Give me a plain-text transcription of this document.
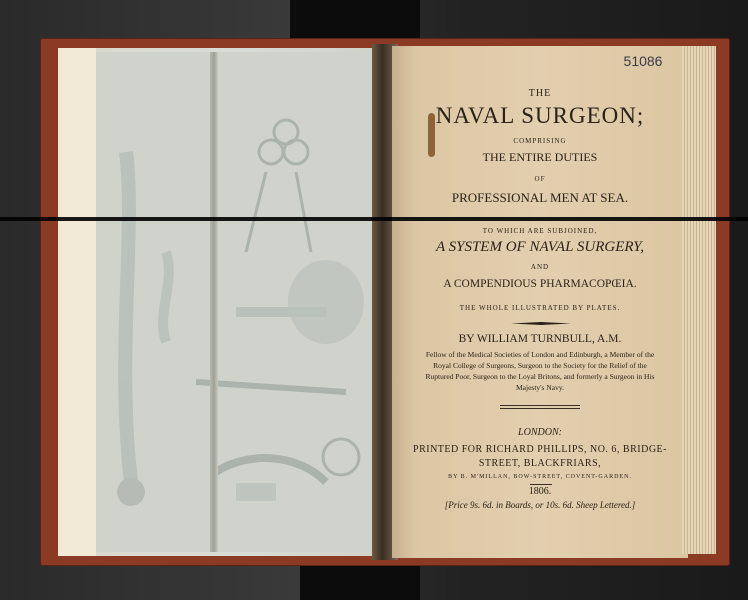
51086
THE
NAVAL SURGEON;
COMPRISING
THE ENTIRE DUTIES
OF
PROFESSIONAL MEN AT SEA.
TO WHICH ARE SUBJOINED,
A SYSTEM OF NAVAL SURGERY,
AND
A COMPENDIOUS PHARMACOPŒIA.
THE WHOLE ILLUSTRATED BY PLATES.
BY WILLIAM TURNBULL, A.M.
Fellow of the Medical Societies of London and Edinburgh, a Member of the Royal College of Surgeons, Surgeon to the Society for the Relief of the Ruptured Poor, Surgeon to the Loyal Britons, and formerly a Surgeon in His Majesty's Navy.
LONDON:
PRINTED FOR RICHARD PHILLIPS, NO. 6, BRIDGE-
STREET, BLACKFRIARS,
BY B. M'MILLAN, BOW-STREET, COVENT-GARDEN.
1806.
[Price 9s. 6d. in Boards, or 10s. 6d. Sheep Lettered.]
